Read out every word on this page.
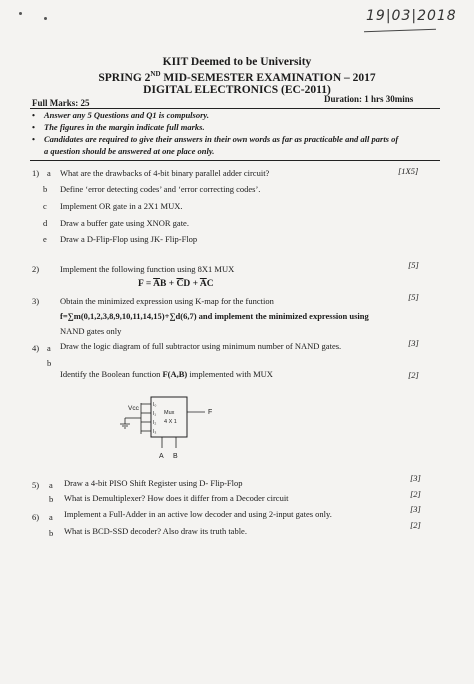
19|03|2018
KIIT Deemed to be University
SPRING 2ND MID-SEMESTER EXAMINATION – 2017
DIGITAL ELECTRONICS (EC-2011)
Full Marks: 25	Duration: 1 hrs 30mins
• Answer any 5 Questions and Q1 is compulsory.
• The figures in the margin indicate full marks.
• Candidates are required to give their answers in their own words as far as practicable and all parts of
a question should be answered at one place only.
1) a What are the drawbacks of 4-bit binary parallel adder circuit?	[1X5]
b Define ‘error detecting codes’ and ‘error correcting codes’.
c Implement OR gate in a 2X1 MUX.
d Draw a buffer gate using XNOR gate.
e Draw a D-Flip-Flop using JK- Flip-Flop
2) Implement the following function using 8X1 MUX	[5]
$F = \overline{A}B + \overline{C}D + \overline{A}C$
3) Obtain the minimized expression using K-map for the function	[5]
f=∑m(0,1,2,3,8,9,10,11,14,15)+∑d(6,7) and implement the minimized expression using
NAND gates only
4) a Draw the logic diagram of full subtractor using minimum number of NAND gates.	[3]
b
Identify the Boolean function F(A,B) implemented with MUX	[2]
Vcc	I₀
I₁
I₂
I₃
Mux
4 X 1
F
A B
5) a Draw a 4-bit PISO Shift Register using D- Flip-Flop	[3]
b What is Demultiplexer? How does it differ from a Decoder circuit	[2]
6) a Implement a Full-Adder in an active low decoder and using 2-input gates only.	[3]
b What is BCD-SSD decoder? Also draw its truth table.
[2]
